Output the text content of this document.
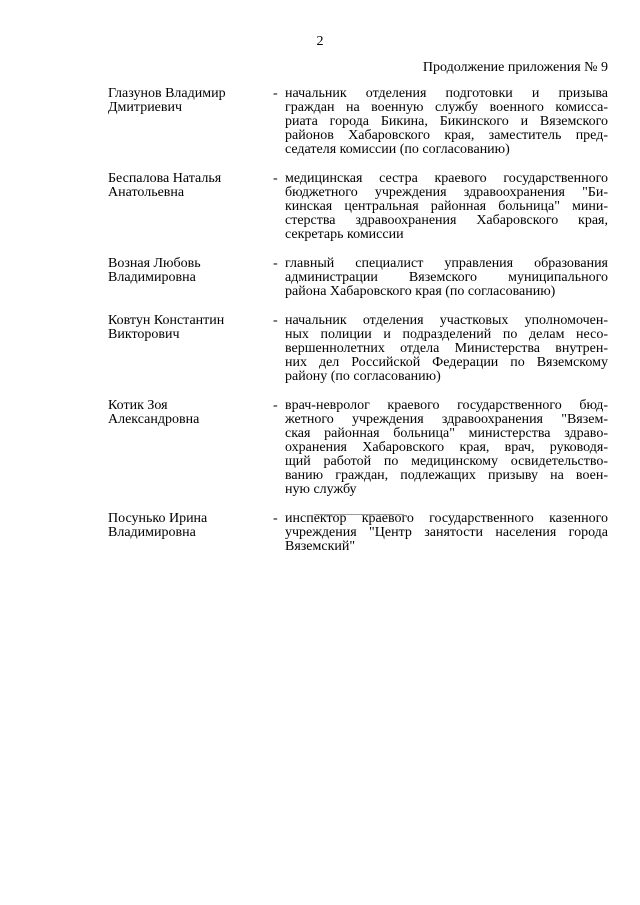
2
Продолжение приложения № 9
Глазунов Владимир
Дмитриевич
- начальник отделения подготовки и призыва
граждан на военную службу военного комисса-
риата города Бикина, Бикинского и Вяземского
районов Хабаровского края, заместитель пред-
седателя комиссии (по согласованию)
Беспалова Наталья
Анатольевна
- медицинская сестра краевого государственного
бюджетного учреждения здравоохранения "Би-
кинская центральная районная больница" мини-
стерства здравоохранения Хабаровского края,
секретарь комиссии
Возная Любовь
Владимировна
- главный специалист управления образования
администрации Вяземского муниципального
района Хабаровского края (по согласованию)
Ковтун Константин
Викторович
- начальник отделения участковых уполномочен-
ных полиции и подразделений по делам несо-
вершеннолетних отдела Министерства внутрен-
них дел Российской Федерации по Вяземскому
району (по согласованию)
Котик Зоя
Александровна
- врач-невролог краевого государственного бюд-
жетного учреждения здравоохранения "Вязем-
ская районная больница" министерства здраво-
охранения Хабаровского края, врач, руководя-
щий работой по медицинскому освидетельство-
ванию граждан, подлежащих призыву на воен-
ную службу
Посунько Ирина
Владимировна
- инспектор краевого государственного казенного
учреждения "Центр занятости населения города
Вяземский"
